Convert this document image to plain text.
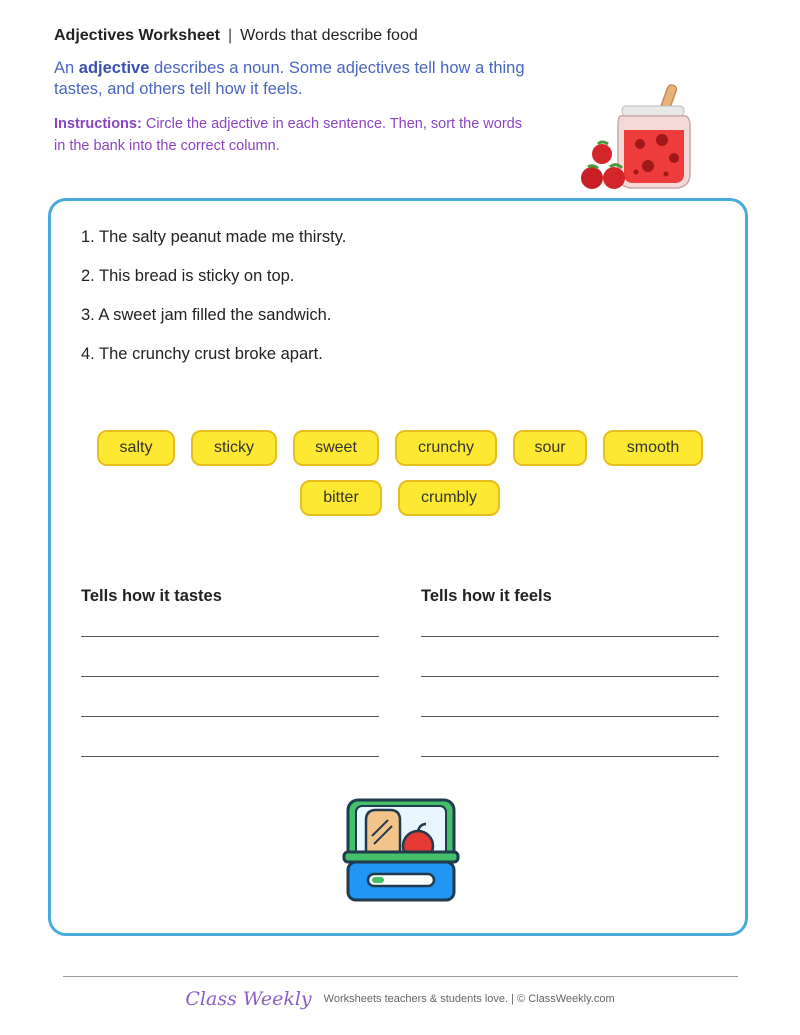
Adjectives Worksheet | Words that describe food
An adjective describes a noun. Some adjectives tell how a thing tastes, and others tell how it feels.
Instructions: Circle the adjective in each sentence. Then, sort the words in the bank into the correct column.
1. The salty peanut made me thirsty.
2. This bread is sticky on top.
3. A sweet jam filled the sandwich.
4. The crunchy crust broke apart.
salty	sticky	sweet	crunchy	sour	smooth
bitter	crumbly
Tells how it tastes	Tells how it feels
Class Weekly Worksheets teachers & students love. | © ClassWeekly.com
